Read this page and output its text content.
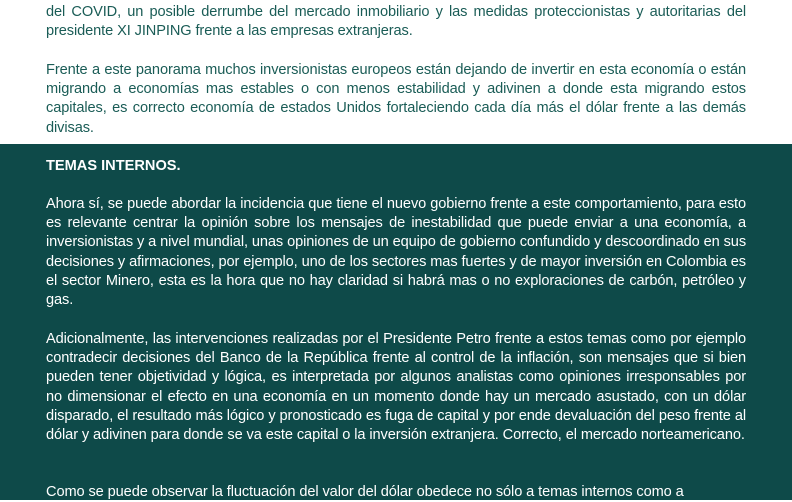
del COVID, un posible derrumbe del mercado inmobiliario y las medidas proteccionistas y autoritarias del presidente XI JINPING frente a las empresas extranjeras.

Frente a este panorama muchos inversionistas europeos están dejando de invertir en esta economía o están migrando a economías mas estables o con menos estabilidad y adivinen a donde esta migrando estos capitales, es correcto economía de estados Unidos fortaleciendo cada día más el dólar frente a las demás divisas.

TEMAS INTERNOS.

Ahora sí, se puede abordar la incidencia que tiene el nuevo gobierno frente a este comportamiento, para esto es relevante centrar la opinión sobre los mensajes de inestabilidad que puede enviar a una economía, a inversionistas y a nivel mundial, unas opiniones de un equipo de gobierno confundido y descoordinado en sus decisiones y afirmaciones, por ejemplo, uno de los sectores mas fuertes y de mayor inversión en Colombia es el sector Minero, esta es la hora que no hay claridad si habrá mas o no exploraciones de carbón, petróleo y gas.

Adicionalmente, las intervenciones realizadas por el Presidente Petro frente a estos temas como por ejemplo contradecir decisiones del Banco de la República frente al control de la inflación, son mensajes que si bien pueden tener objetividad y lógica, es interpretada por algunos analistas como opiniones irresponsables por no dimensionar el efecto en una economía en un momento donde hay un mercado asustado, con un dólar disparado, el resultado más lógico y pronosticado es fuga de capital y por ende devaluación del peso frente al dólar y adivinen para donde se va este capital o la inversión extranjera. Correcto, el mercado norteamericano.

Como se puede observar la fluctuación del valor del dólar obedece no sólo a temas internos como a
